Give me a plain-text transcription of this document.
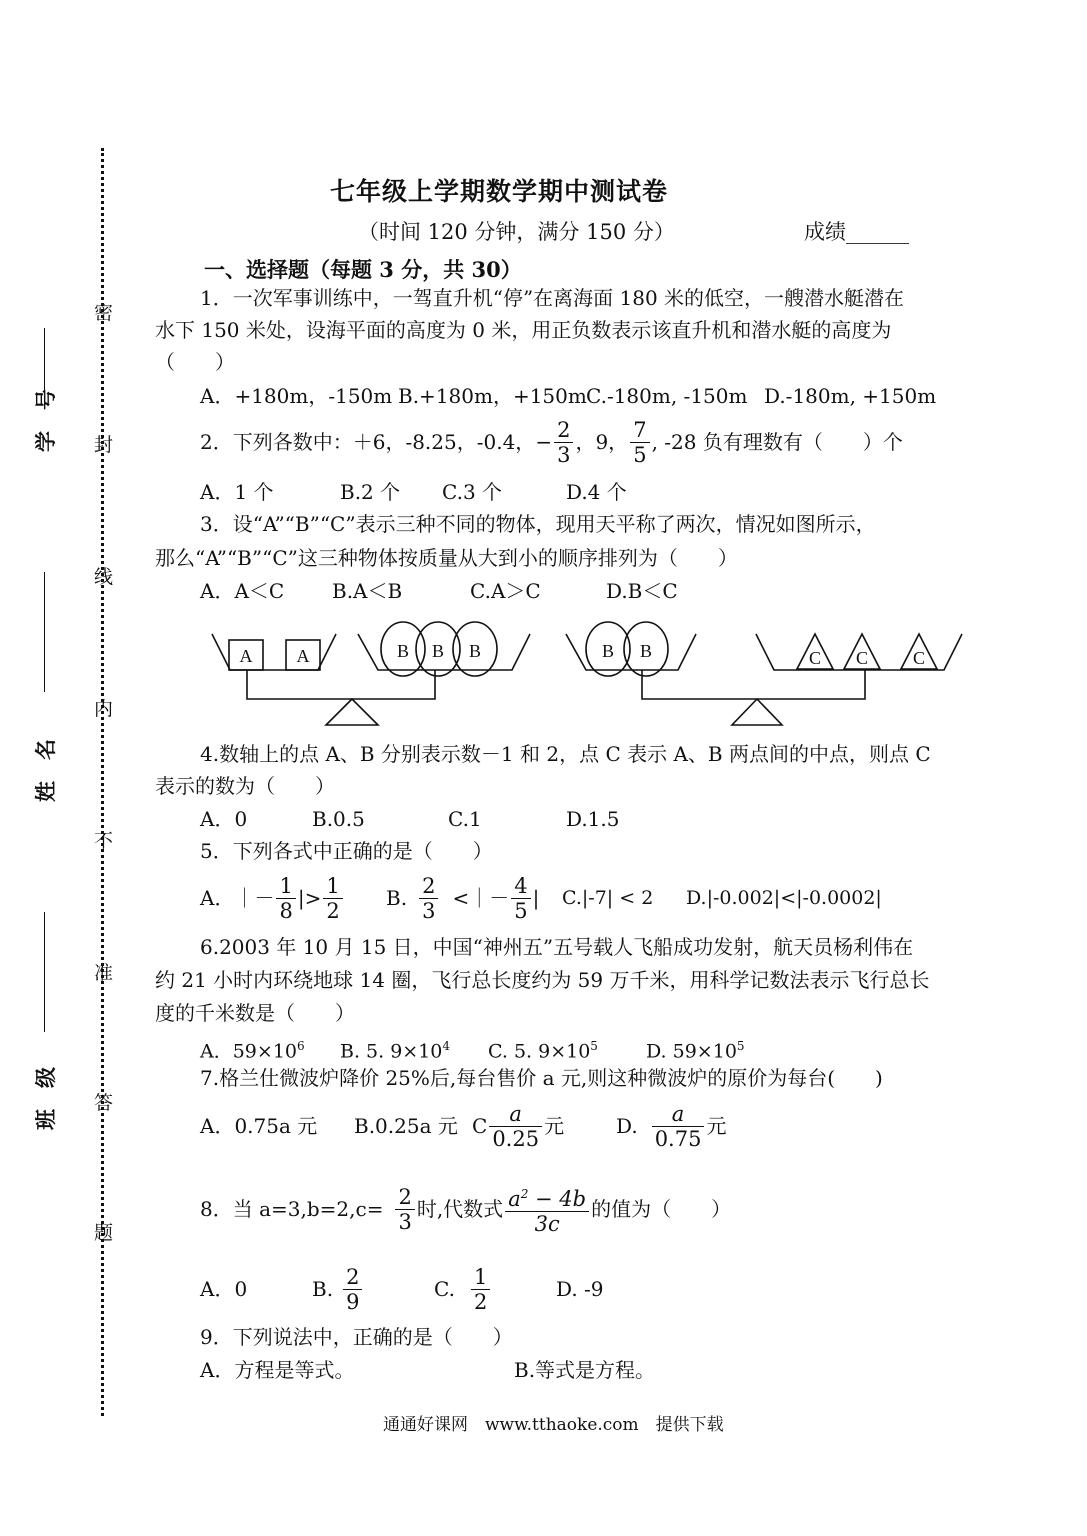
密
封
线
内
不
准
答
题
学　号
姓　名
班　级
七年级上学期数学期中测试卷
（时间 120 分钟，满分 150 分）	成绩______
一、选择题（每题 3 分，共 30）
1．一次军事训练中，一驾直升机“停”在离海面 180 米的低空，一艘潜水艇潜在
水下 150 米处，设海平面的高度为 0 米，用正负数表示该直升机和潜水艇的高度为
（　　）
A．+180m，-150m B.+180m，+150m C.-180m, -150m D.-180m, +150m
2．下列各数中：＋6，-8.25，-0.4， − $\frac{2}{3}$ ，9， $\frac{7}{5}$ , -28 负有理数有（　　）个
A．1 个	B.2 个 C.3 个	D.4 个
3．设“A”“B”“C”表示三种不同的物体，现用天平称了两次，情况如图所示，
那么“A”“B”“C”这三种物体按质量从大到小的顺序排列为（　　）
A．A＜C B.A＜B	C.A＞C	D.B＜C
A A	B B B	B B	C C C
4.数轴上的点 A、B 分别表示数－1 和 2，点 C 表示 A、B 两点间的中点，则点 C
表示的数为（　　）
A．0	B.0.5	C.1	D.1.5
5．下列各式中正确的是（　　）
A．｜－ $\frac{1}{8}$ |> $\frac{1}{2} B$. $\frac{2}{3}$ <｜－ $\frac{4}{5}$ | C.|-7| < 2 D.|-0.002|<|-0.0002|
6.2003 年 10 月 15 日，中国“神州五”五号载人飞船成功发射，航天员杨利伟在
约 21 小时内环绕地球 14 圈，飞行总长度约为 59 万千米，用科学记数法表示飞行总长
度的千米数是（　　）
A．$59\times 10^6$ B. 5. $9\times 10^4$ C. 5. $9\times 10^5$	D. $59\times 10^5$
7.格兰仕微波炉降价 25%后,每台售价 a 元,则这种微波炉的原价为每台(　　)
A．0.75a 元 B.0.25a 元 C $\frac{a}{0.25}$ 元	D. $\frac{a}{0.75}$ 元
8．当 $a=3,b=2,c= \frac{2}{3}$ 时,代数式 $\frac{a^2 - 4b}{3c}$ 的值为（　　）
A．0	B. $\frac{2}{9}$	C. $\frac{1}{2}$	D. -9
9．下列说法中，正确的是（　　）
A．方程是等式。	B.等式是方程。
通通好课网　www.tthaoke.com　提供下载
